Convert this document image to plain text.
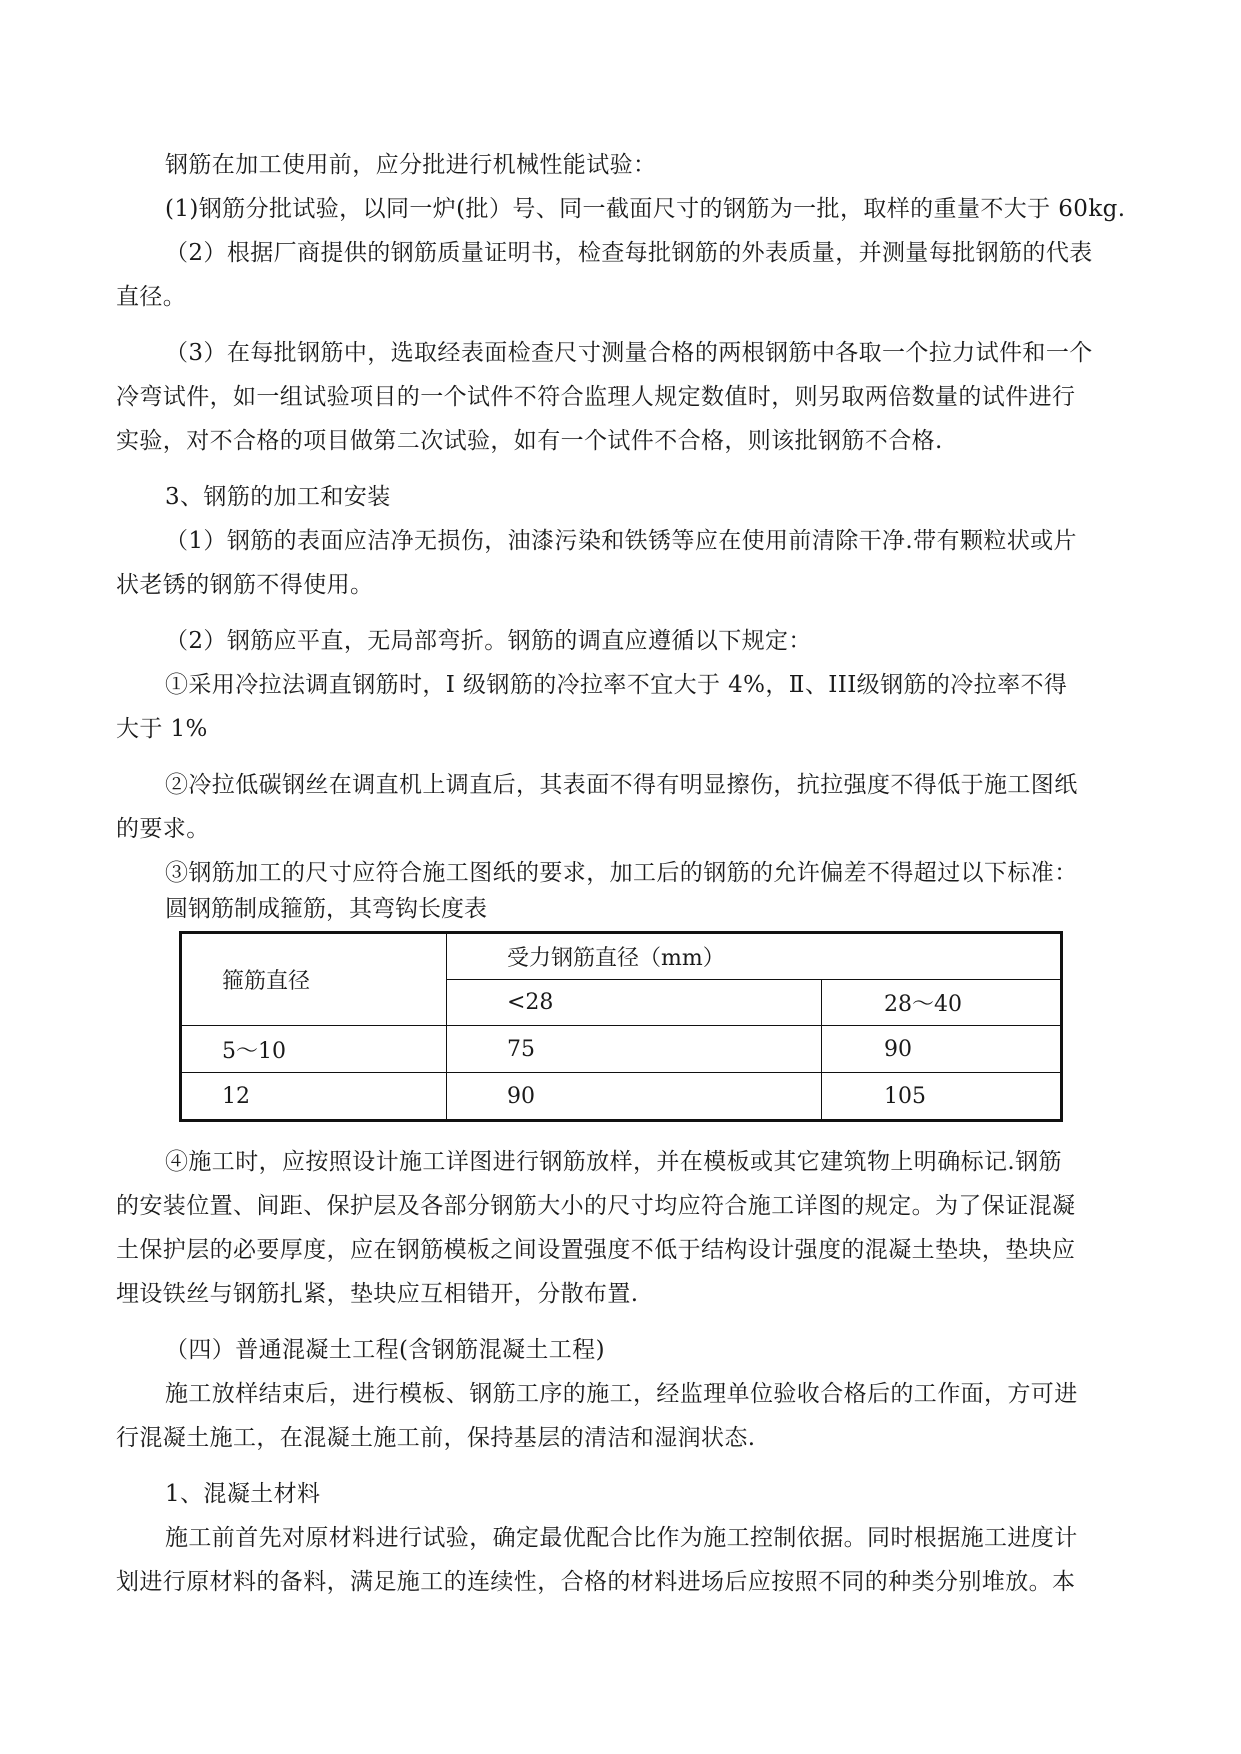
钢筋在加工使用前，应分批进行机械性能试验：
(1)钢筋分批试验，以同一炉(批）号、同一截面尺寸的钢筋为一批，取样的重量不大于 60kg.
（2）根据厂商提供的钢筋质量证明书，检查每批钢筋的外表质量，并测量每批钢筋的代表
直径。
（3）在每批钢筋中，选取经表面检查尺寸测量合格的两根钢筋中各取一个拉力试件和一个
冷弯试件，如一组试验项目的一个试件不符合监理人规定数值时，则另取两倍数量的试件进行
实验，对不合格的项目做第二次试验，如有一个试件不合格，则该批钢筋不合格.
3、钢筋的加工和安装
（1）钢筋的表面应洁净无损伤，油漆污染和铁锈等应在使用前清除干净.带有颗粒状或片
状老锈的钢筋不得使用。
（2）钢筋应平直，无局部弯折。钢筋的调直应遵循以下规定：
①采用冷拉法调直钢筋时，I 级钢筋的冷拉率不宜大于 4%，Ⅱ、III级钢筋的冷拉率不得
大于 1%
②冷拉低碳钢丝在调直机上调直后，其表面不得有明显擦伤，抗拉强度不得低于施工图纸
的要求。
③钢筋加工的尺寸应符合施工图纸的要求，加工后的钢筋的允许偏差不得超过以下标准：
圆钢筋制成箍筋，其弯钩长度表
箍筋直径	受力钢筋直径（mm）	
	<28	28～40
5～10	75	90
12	90	105
④施工时，应按照设计施工详图进行钢筋放样，并在模板或其它建筑物上明确标记.钢筋
的安装位置、间距、保护层及各部分钢筋大小的尺寸均应符合施工详图的规定。为了保证混凝
土保护层的必要厚度，应在钢筋模板之间设置强度不低于结构设计强度的混凝土垫块，垫块应
埋设铁丝与钢筋扎紧，垫块应互相错开，分散布置.
（四）普通混凝土工程(含钢筋混凝土工程)
施工放样结束后，进行模板、钢筋工序的施工，经监理单位验收合格后的工作面，方可进
行混凝土施工，在混凝土施工前，保持基层的清洁和湿润状态.
1、混凝土材料
施工前首先对原材料进行试验，确定最优配合比作为施工控制依据。同时根据施工进度计
划进行原材料的备料，满足施工的连续性，合格的材料进场后应按照不同的种类分别堆放。本
